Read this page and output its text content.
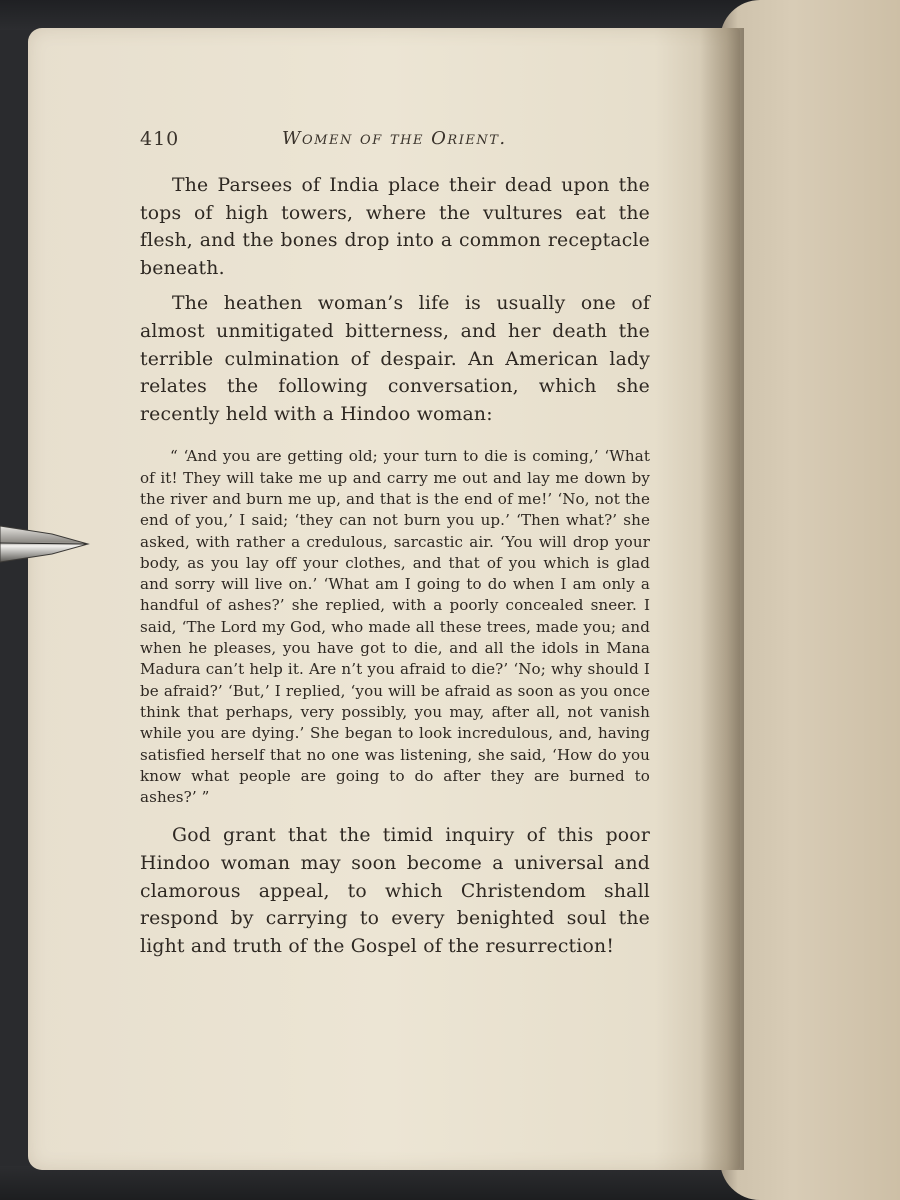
410	Women of the Orient.

The Parsees of India place their dead upon the tops of high towers, where the vultures eat the flesh, and the bones drop into a common receptacle beneath.

The heathen woman’s life is usually one of almost unmitigated bitterness, and her death the terrible culmination of despair. An American lady relates the following conversation, which she recently held with a Hindoo woman:

“ ‘And you are getting old; your turn to die is coming,’ ‘What of it! They will take me up and carry me out and lay me down by the river and burn me up, and that is the end of me!’ ‘No, not the end of you,’ I said; ‘they can not burn you up.’ ‘Then what?’ she asked, with rather a credulous, sarcastic air. ‘You will drop your body, as you lay off your clothes, and that of you which is glad and sorry will live on.’ ‘What am I going to do when I am only a handful of ashes?’ she replied, with a poorly concealed sneer. I said, ‘The Lord my God, who made all these trees, made you; and when he pleases, you have got to die, and all the idols in Mana Madura can’t help it. Are n’t you afraid to die?’ ‘No; why should I be afraid?’ ‘But,’ I replied, ‘you will be afraid as soon as you once think that perhaps, very possibly, you may, after all, not vanish while you are dying.’ She began to look incredulous, and, having satisfied herself that no one was listening, she said, ‘How do you know what people are going to do after they are burned to ashes?’ ”

God grant that the timid inquiry of this poor Hindoo woman may soon become a universal and clamorous appeal, to which Christendom shall respond by carrying to every benighted soul the light and truth of the Gospel of the resurrection!
